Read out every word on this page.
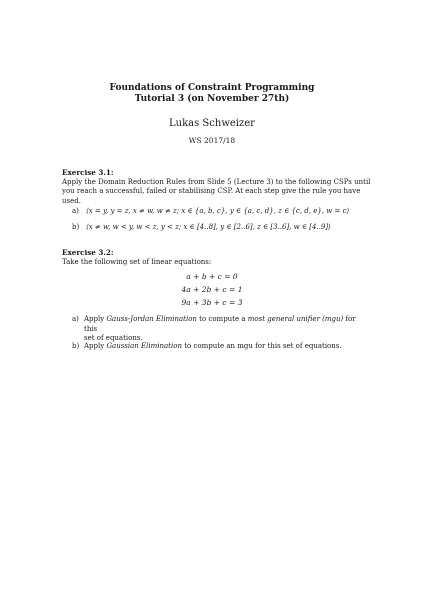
Foundations of Constraint Programming
Tutorial 3 (on November 27th)
Lukas Schweizer
WS 2017/18
Exercise 3.1:
Apply the Domain Reduction Rules from Slide 5 (Lecture 3) to the following CSPs until
you reach a successful, failed or stabilising CSP. At each step give the rule you have used.
a) ⟨x = y, y = z, x ≠ w, w ≠ z; x ∈ {a, b, c}, y ∈ {a, c, d}, z ∈ {c, d, e}, w = c⟩
b) ⟨x ≠ w, w < y, w < z, y < z; x ∈ [4..8], y ∈ [2..6], z ∈ [3..6], w ∈ [4..9]⟩
Exercise 3.2:
Take the following set of linear equations:
a + b + c = 0
4a + 2b + c = 1
9a + 3b + c = 3
a) Apply Gauss-Jordan Elimination to compute a most general unifier (mgu) for this
set of equations.
b) Apply Gaussian Elimination to compute an mgu for this set of equations.
